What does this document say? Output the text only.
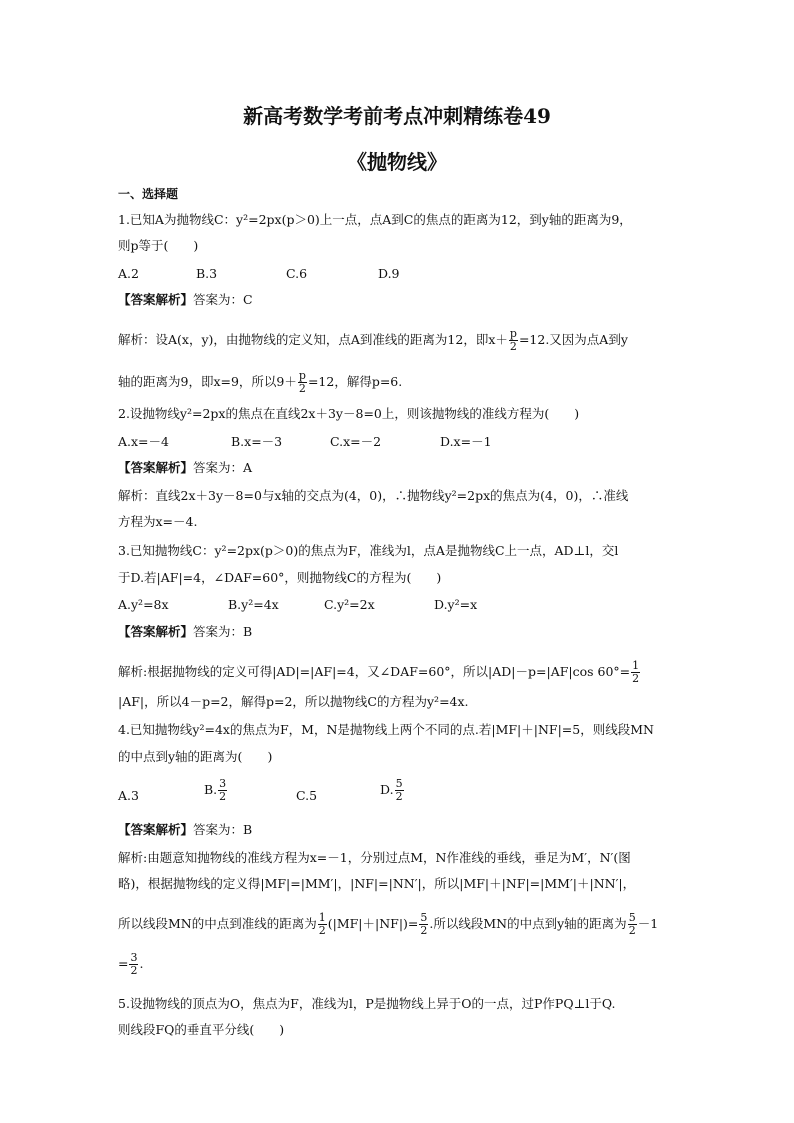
新高考数学考前考点冲刺精练卷49
《抛物线》
一、选择题
1.已知A为抛物线C：y²=2px(p＞0)上一点，点A到C的焦点的距离为12，到y轴的距离为9，
则p等于(　　)
A.2	B.3	C.6	D.9
【答案解析】答案为：C
解析：设A(x，y)，由抛物线的定义知，点A到准线的距离为12，即$x+ \frac{p}{2} =12$.又因为点A到y
轴的距离为9，即x=9，所以$9+ \frac{p}{2} =12$，解得p=6.
2.设抛物线y²=2px的焦点在直线2x＋3y－8=0上，则该抛物线的准线方程为(　　)
A.x=－4	B.x=－3	C.x=－2	D.x=－1
【答案解析】答案为：A
解析：直线2x＋3y－8=0与x轴的交点为(4，0)，∴抛物线y²=2px的焦点为(4，0)，∴准线
方程为x=－4.
3.已知抛物线C：y²=2px(p＞0)的焦点为F，准线为l，点A是抛物线C上一点，AD⊥l，交l
于D.若|AF|=4，∠DAF=60°，则抛物线C的方程为(　　)
A.y²=8x	B.y²=4x	C.y²=2x	D.y²=x
【答案解析】答案为：B
解析:根据抛物线的定义可得|AD|=|AF|=4，又∠DAF=60°，所以|AD|－p=|AF|cos $60^\circ= \frac{1}{2}$
|AF|，所以4－p=2，解得p=2，所以抛物线C的方程为y²=4x.
4.已知抛物线y²=4x的焦点为F，M，N是抛物线上两个不同的点.若|MF|＋|NF|=5，则线段MN
的中点到y轴的距离为(　　)
A.3	B. $\frac{3}{2}$	C.5	D. $\frac{5}{2}$
【答案解析】答案为：B
解析:由题意知抛物线的准线方程为x=－1，分别过点M，N作准线的垂线，垂足为M′，N′(图
略)，根据抛物线的定义得|MF|=|MM′|，|NF|=|NN′|，所以|MF|＋|NF|=|MM′|＋|NN′|，
所以线段MN的中点到准线的距离为 $\frac{1}{2} (|MF|+|NF|)= \frac{5}{2}$ .所以线段MN的中点到y轴的距离为 $\frac{5}{2} -1$
= $\frac{3}{2}$ .
5.设抛物线的顶点为O，焦点为F，准线为l，P是抛物线上异于O的一点，过P作PQ⊥l于Q.
则线段FQ的垂直平分线(　　)
